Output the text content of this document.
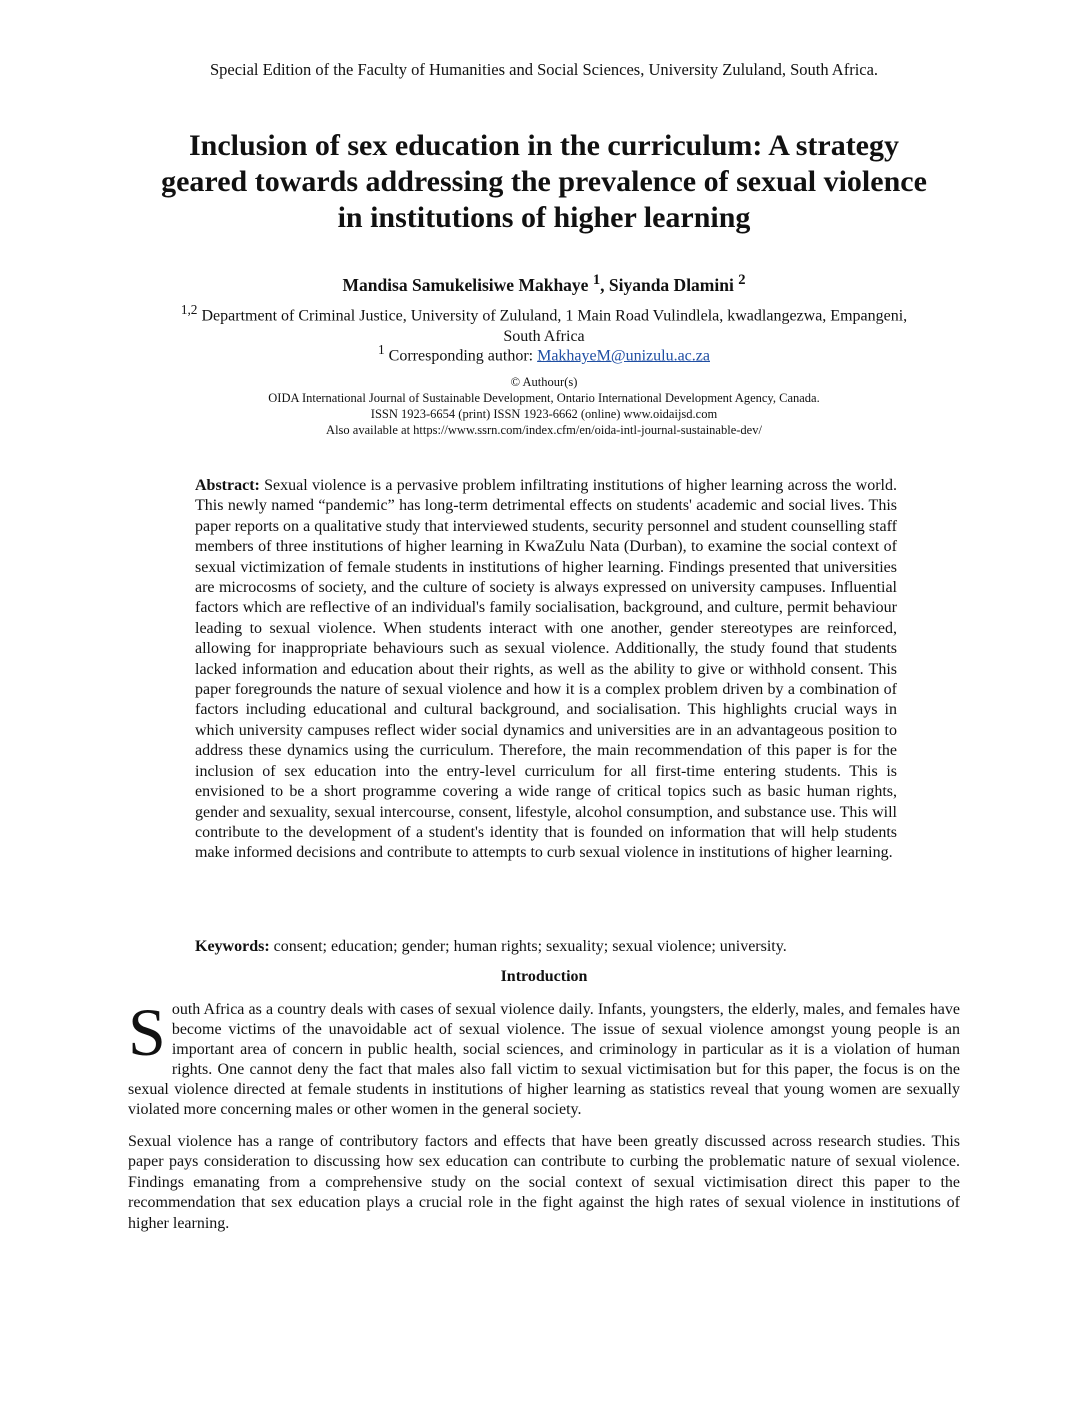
Special Edition of the Faculty of Humanities and Social Sciences, University Zululand, South Africa.
Inclusion of sex education in the curriculum: A strategy
geared towards addressing the prevalence of sexual violence
in institutions of higher learning
Mandisa Samukelisiwe Makhaye $^1$, Siyanda Dlamini $^2$
$^{1,2}$ Department of Criminal Justice, University of Zululand, 1 Main Road Vulindlela, kwadlangezwa, Empangeni, South Africa
$^1$ Corresponding author: MakhayeM@unizulu.ac.za
© Authour(s)
OIDA International Journal of Sustainable Development, Ontario International Development Agency, Canada.
ISSN 1923-6654 (print) ISSN 1923-6662 (online) www.oidaijsd.com
Also available at https://www.ssrn.com/index.cfm/en/oida-intl-journal-sustainable-dev/

Abstract: Sexual violence is a pervasive problem infiltrating institutions of higher learning across the world. This newly named “pandemic” has long-term detrimental effects on students' academic and social lives. This paper reports on a qualitative study that interviewed students, security personnel and student counselling staff members of three institutions of higher learning in KwaZulu Nata (Durban), to examine the social context of sexual victimization of female students in institutions of higher learning. Findings presented that universities are microcosms of society, and the culture of society is always expressed on university campuses. Influential factors which are reflective of an individual's family socialisation, background, and culture, permit behaviour leading to sexual violence. When students interact with one another, gender stereotypes are reinforced, allowing for inappropriate behaviours such as sexual violence. Additionally, the study found that students lacked information and education about their rights, as well as the ability to give or withhold consent. This paper foregrounds the nature of sexual violence and how it is a complex problem driven by a combination of factors including educational and cultural background, and socialisation. This highlights crucial ways in which university campuses reflect wider social dynamics and universities are in an advantageous position to address these dynamics using the curriculum. Therefore, the main recommendation of this paper is for the inclusion of sex education into the entry-level curriculum for all first-time entering students. This is envisioned to be a short programme covering a wide range of critical topics such as basic human rights, gender and sexuality, sexual intercourse, consent, lifestyle, alcohol consumption, and substance use. This will contribute to the development of a student's identity that is founded on information that will help students make informed decisions and contribute to attempts to curb sexual violence in institutions of higher learning.

Keywords: consent; education; gender; human rights; sexuality; sexual violence; university.
Introduction

South Africa as a country deals with cases of sexual violence daily. Infants, youngsters, the elderly, males, and females have become victims of the unavoidable act of sexual violence. The issue of sexual violence amongst young people is an important area of concern in public health, social sciences, and criminology in particular as it is a violation of human rights. One cannot deny the fact that males also fall victim to sexual victimisation but for this paper, the focus is on the sexual violence directed at female students in institutions of higher learning as statistics reveal that young women are sexually violated more concerning males or other women in the general society.

Sexual violence has a range of contributory factors and effects that have been greatly discussed across research studies. This paper pays consideration to discussing how sex education can contribute to curbing the problematic nature of sexual violence. Findings emanating from a comprehensive study on the social context of sexual victimisation direct this paper to the recommendation that sex education plays a crucial role in the fight against the high rates of sexual violence in institutions of higher learning.
